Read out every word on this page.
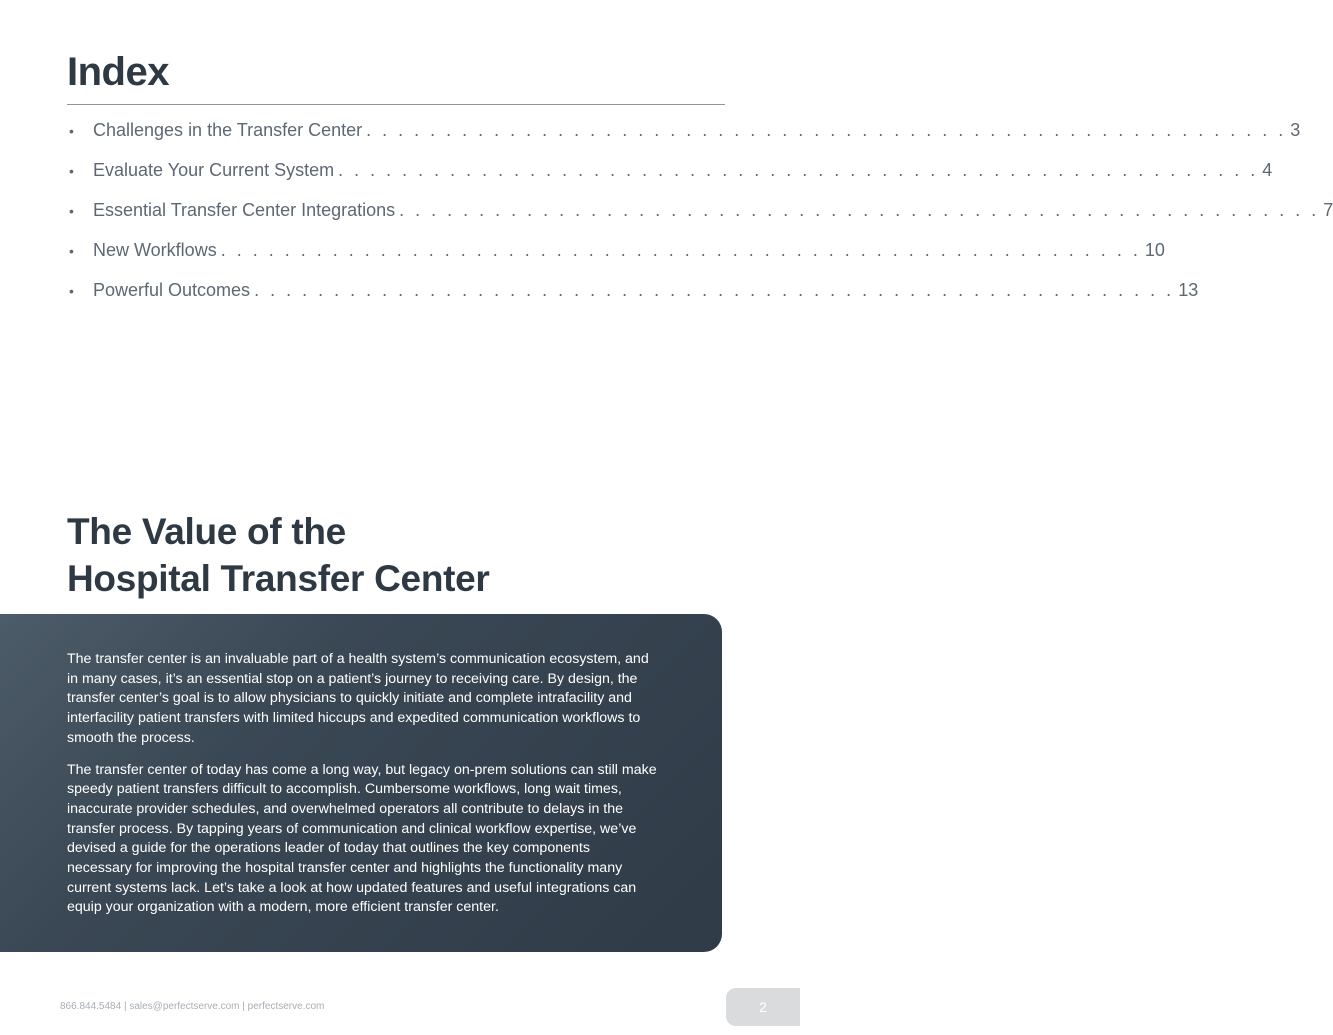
Index
•	Challenges in the Transfer Center . . . . . . . . . . . . . . . . . . . . . . . . . . . . . . . . . . . . . . . . . . . . . . . . . . . . . . . . . . 3
•	Evaluate Your Current System . . . . . . . . . . . . . . . . . . . . . . . . . . . . . . . . . . . . . . . . . . . . . . . . . . . . . . . . . . 4
•	Essential Transfer Center Integrations . . . . . . . . . . . . . . . . . . . . . . . . . . . . . . . . . . . . . . . . . . . . . . . . . . . . . . . . . . 7
•	New Workflows . . . . . . . . . . . . . . . . . . . . . . . . . . . . . . . . . . . . . . . . . . . . . . . . . . . . . . . . . . 10
•	Powerful Outcomes . . . . . . . . . . . . . . . . . . . . . . . . . . . . . . . . . . . . . . . . . . . . . . . . . . . . . . . . . . 13
The Value of the
Hospital Transfer Center

The transfer center is an invaluable part of a health system’s communication ecosystem, and in many cases, it’s an essential stop on a patient’s journey to receiving care. By design, the transfer center’s goal is to allow physicians to quickly initiate and complete intrafacility and interfacility patient transfers with limited hiccups and expedited communication workflows to smooth the process.

The transfer center of today has come a long way, but legacy on-prem solutions can still make speedy patient transfers difficult to accomplish. Cumbersome workflows, long wait times, inaccurate provider schedules, and overwhelmed operators all contribute to delays in the transfer process. By tapping years of communication and clinical workflow expertise, we’ve devised a guide for the operations leader of today that outlines the key components necessary for improving the hospital transfer center and highlights the functionality many current systems lack. Let’s take a look at how updated features and useful integrations can equip your organization with a modern, more efficient transfer center.

866.844.5484 | sales@perfectserve.com | perfectserve.com	2
